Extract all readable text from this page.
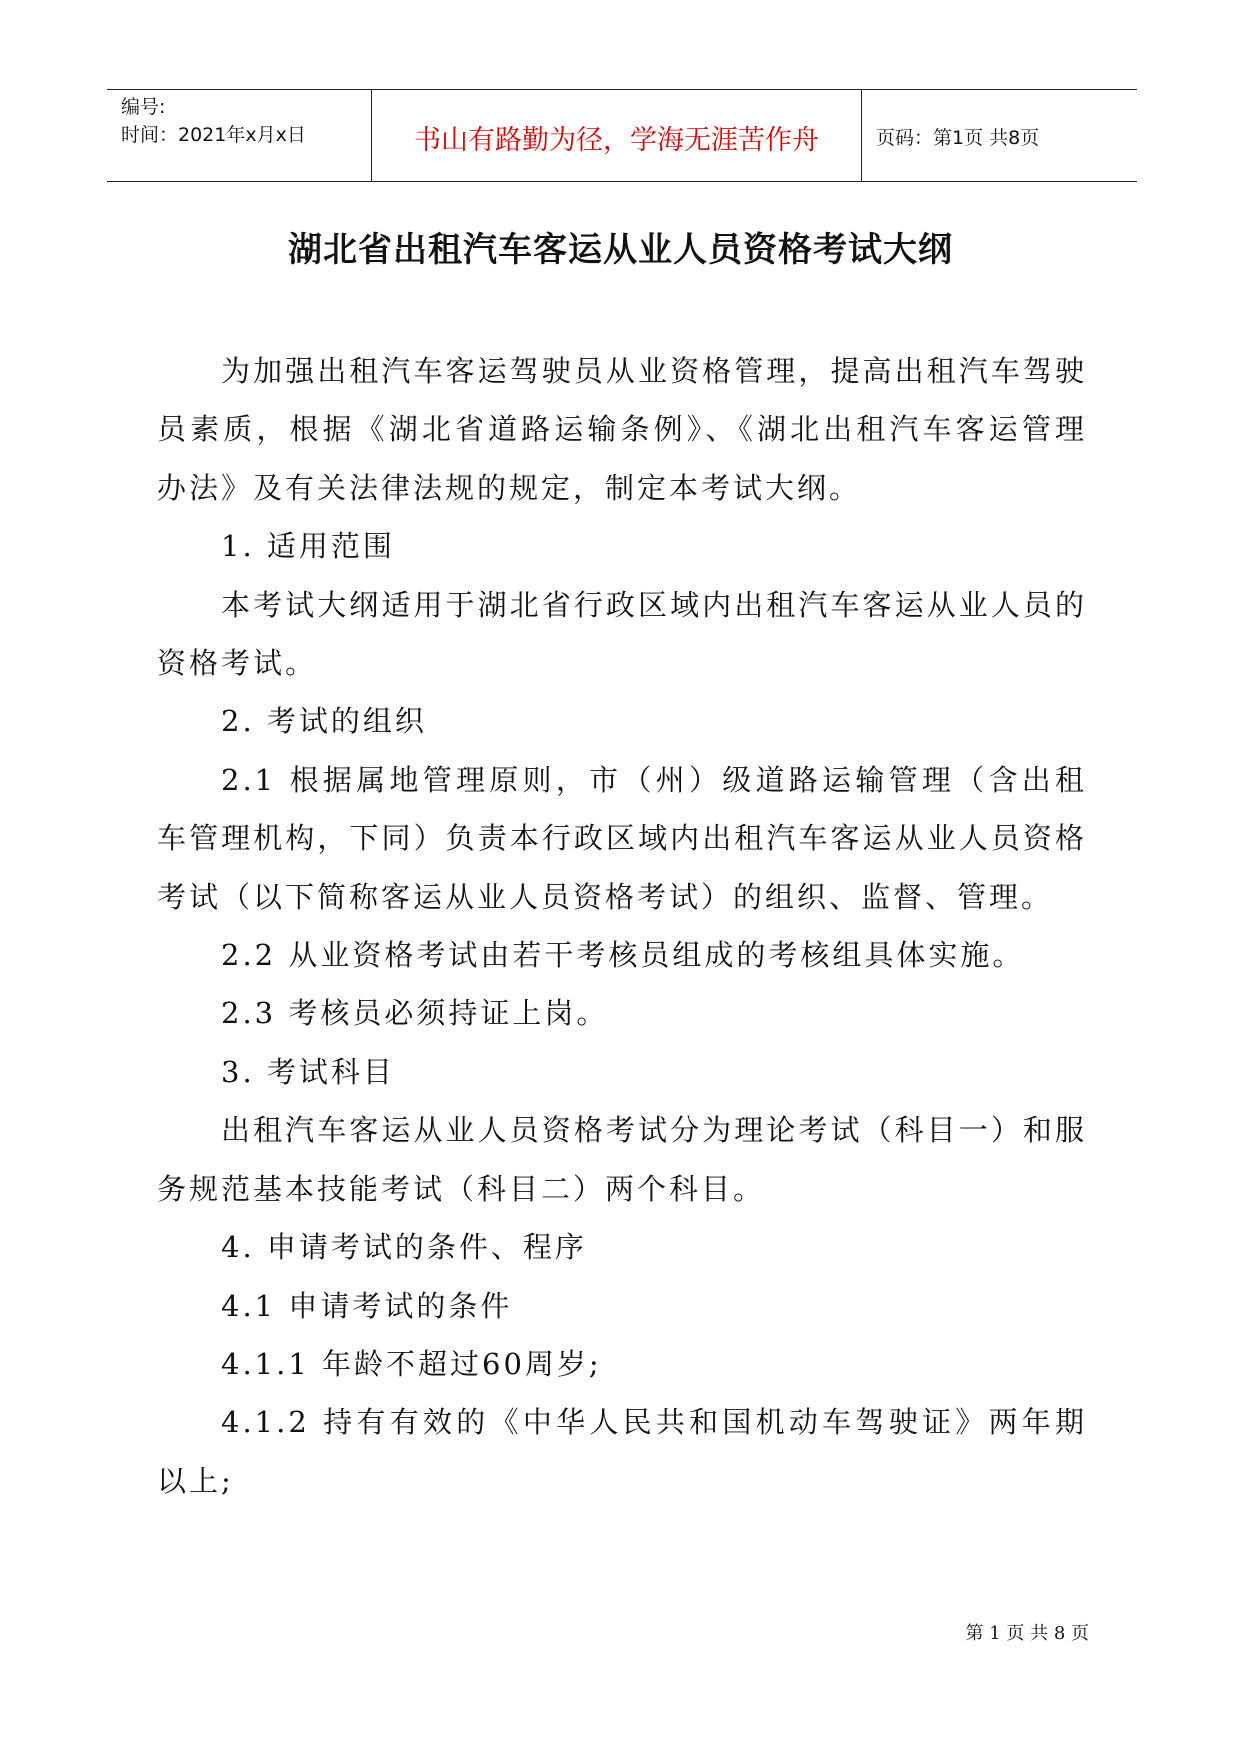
编号:
时间：2021年x月x日	书山有路勤为径，学海无涯苦作舟	页码：第1页 共8页
湖北省出租汽车客运从业人员资格考试大纲

为加强出租汽车客运驾驶员从业资格管理，提高出租汽车驾驶员素质，根据《湖北省道路运输条例》、《湖北出租汽车客运管理办法》及有关法律法规的规定，制定本考试大纲。

1. 适用范围

本考试大纲适用于湖北省行政区域内出租汽车客运从业人员的资格考试。

2. 考试的组织

2.1 根据属地管理原则，市（州）级道路运输管理（含出租车管理机构，下同）负责本行政区域内出租汽车客运从业人员资格考试（以下简称客运从业人员资格考试）的组织、监督、管理。

2.2 从业资格考试由若干考核员组成的考核组具体实施。

2.3 考核员必须持证上岗。

3. 考试科目

出租汽车客运从业人员资格考试分为理论考试（科目一）和服务规范基本技能考试（科目二）两个科目。

4. 申请考试的条件、程序

4.1 申请考试的条件

4.1.1 年龄不超过60周岁;

4.1.2 持有有效的《中华人民共和国机动车驾驶证》两年期以上;

第 1 页 共 8 页
